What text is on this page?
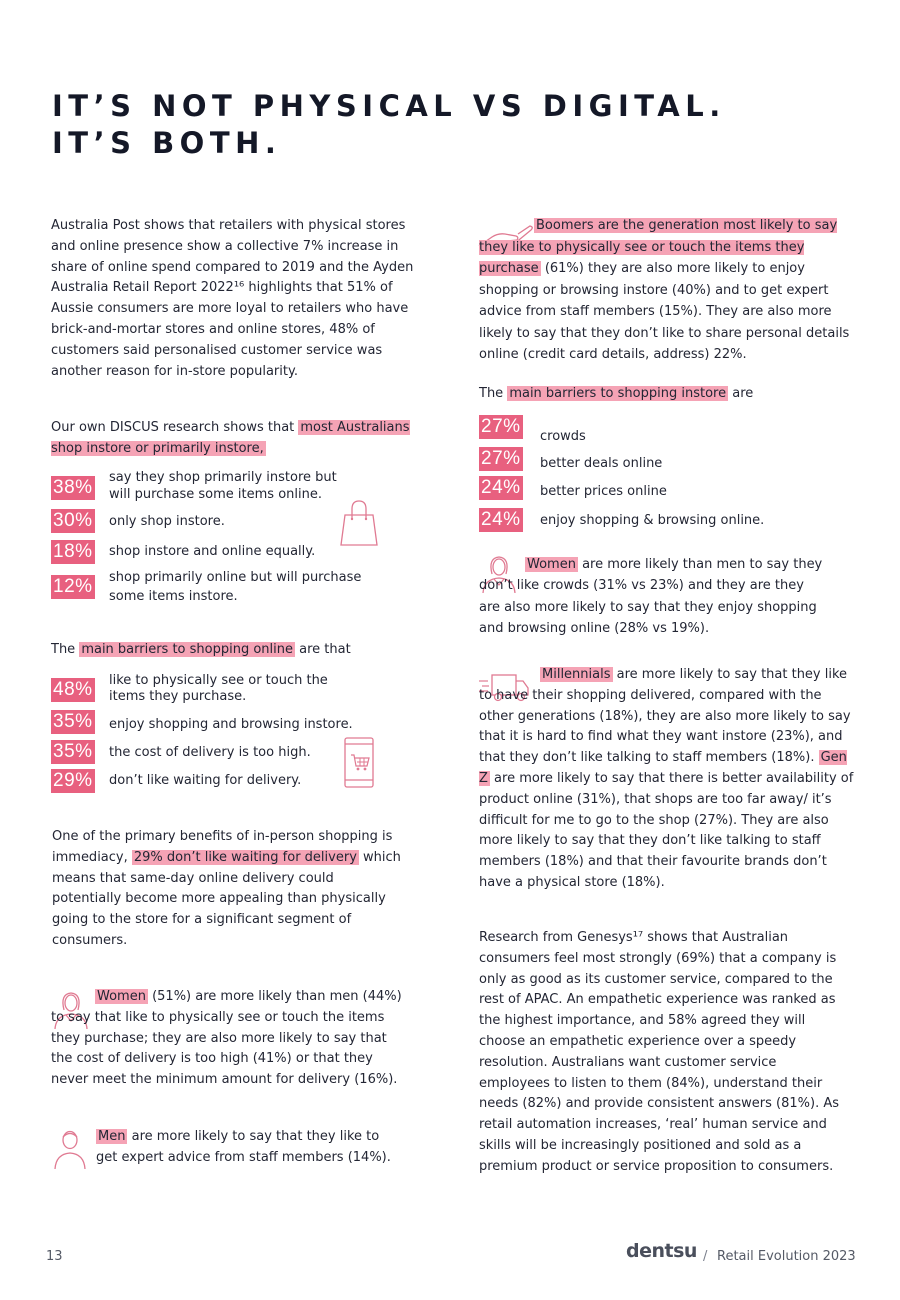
IT’S NOT PHYSICAL VS DIGITAL.
IT’S BOTH.

Australia Post shows that retailers with physical stores and online presence show a collective 7% increase in share of online spend compared to 2019 and the Ayden Australia Retail Report 2022¹⁶ highlights that 51% of Aussie consumers are more loyal to retailers who have brick-and-mortar stores and online stores, 48% of customers said personalised customer service was another reason for in-store popularity.

Our own DISCUS research shows that most Australians shop instore or primarily instore,

38% say they shop primarily instore but will purchase some items online.
30% only shop instore.
18% shop instore and online equally.
12% shop primarily online but will purchase some items instore.

The main barriers to shopping online are that

48% like to physically see or touch the items they purchase.
35% enjoy shopping and browsing instore.
35% the cost of delivery is too high.
29% don’t like waiting for delivery.

One of the primary benefits of in-person shopping is immediacy, 29% don’t like waiting for delivery which means that same-day online delivery could potentially become more appealing than physically going to the store for a significant segment of consumers.

Women (51%) are more likely than men (44%) to say that like to physically see or touch the items they purchase; they are also more likely to say that the cost of delivery is too high (41%) or that they never meet the minimum amount for delivery (16%).

Men are more likely to say that they like to get expert advice from staff members (14%).

Boomers are the generation most likely to say they like to physically see or touch the items they purchase (61%) they are also more likely to enjoy shopping or browsing instore (40%) and to get expert advice from staff members (15%). They are also more likely to say that they don’t like to share personal details online (credit card details, address) 22%.

The main barriers to shopping instore are

27% crowds
27% better deals online
24% better prices online
24% enjoy shopping & browsing online.

Women are more likely than men to say they don’t like crowds (31% vs 23%) and they are they are also more likely to say that they enjoy shopping and browsing online (28% vs 19%).

Millennials are more likely to say that they like to have their shopping delivered, compared with the other generations (18%), they are also more likely to say that it is hard to find what they want instore (23%), and that they don’t like talking to staff members (18%). Gen Z are more likely to say that there is better availability of product online (31%), that shops are too far away/ it’s difficult for me to go to the shop (27%). They are also more likely to say that they don’t like talking to staff members (18%) and that their favourite brands don’t have a physical store (18%).

Research from Genesys¹⁷ shows that Australian consumers feel most strongly (69%) that a company is only as good as its customer service, compared to the rest of APAC. An empathetic experience was ranked as the highest importance, and 58% agreed they will choose an empathetic experience over a speedy resolution. Australians want customer service employees to listen to them (84%), understand their needs (82%) and provide consistent answers (81%). As retail automation increases, ‘real’ human service and skills will be increasingly positioned and sold as a premium product or service proposition to consumers.

13	dentsu / Retail Evolution 2023
